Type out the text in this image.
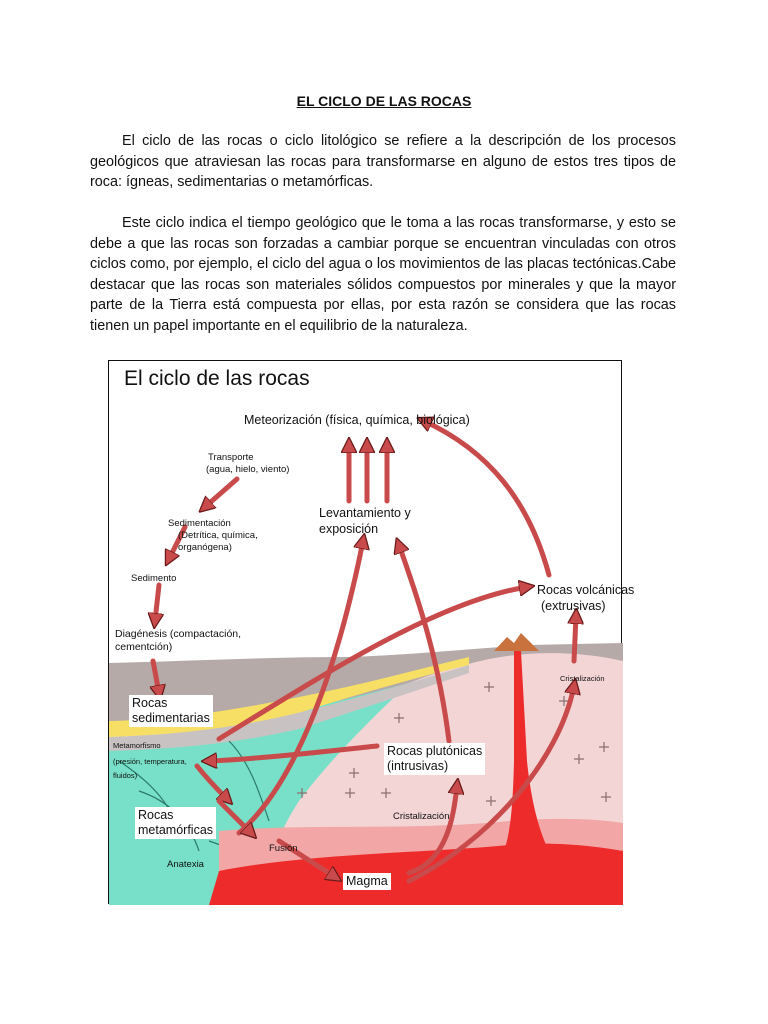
EL CICLO DE LAS ROCAS

El ciclo de las rocas o ciclo litológico se refiere a la descripción de los procesos geológicos que atraviesan las rocas para transformarse en alguno de estos tres tipos de roca: ígneas, sedimentarias o metamórficas.

Este ciclo indica el tiempo geológico que le toma a las rocas transformarse, y esto se debe a que las rocas son forzadas a cambiar porque se encuentran vinculadas con otros ciclos como, por ejemplo, el ciclo del agua o los movimientos de las placas tectónicas.Cabe destacar que las rocas son materiales sólidos compuestos por minerales y que la mayor parte de la Tierra está compuesta por ellas, por esta razón se considera que las rocas tienen un papel importante en el equilibrio de la naturaleza.

El ciclo de las rocas
Meteorización (física, química, biológica)
Transporte
(agua, hielo, viento)
Sedimentación
(Detrítica, química,
organógena)
Sedimento
Diagénesis (compactación,
cementción)
Levantamiento y
exposición
Rocas volcánicas
(extrusivas)
Cristalización
Rocas
sedimentarias
Metamorfismo
(presión, temperatura,
fluidos)
Rocas plutónicas
(intrusivas)
Rocas
metamórficas
Cristalización
Anatexia
Fusión
Magma
